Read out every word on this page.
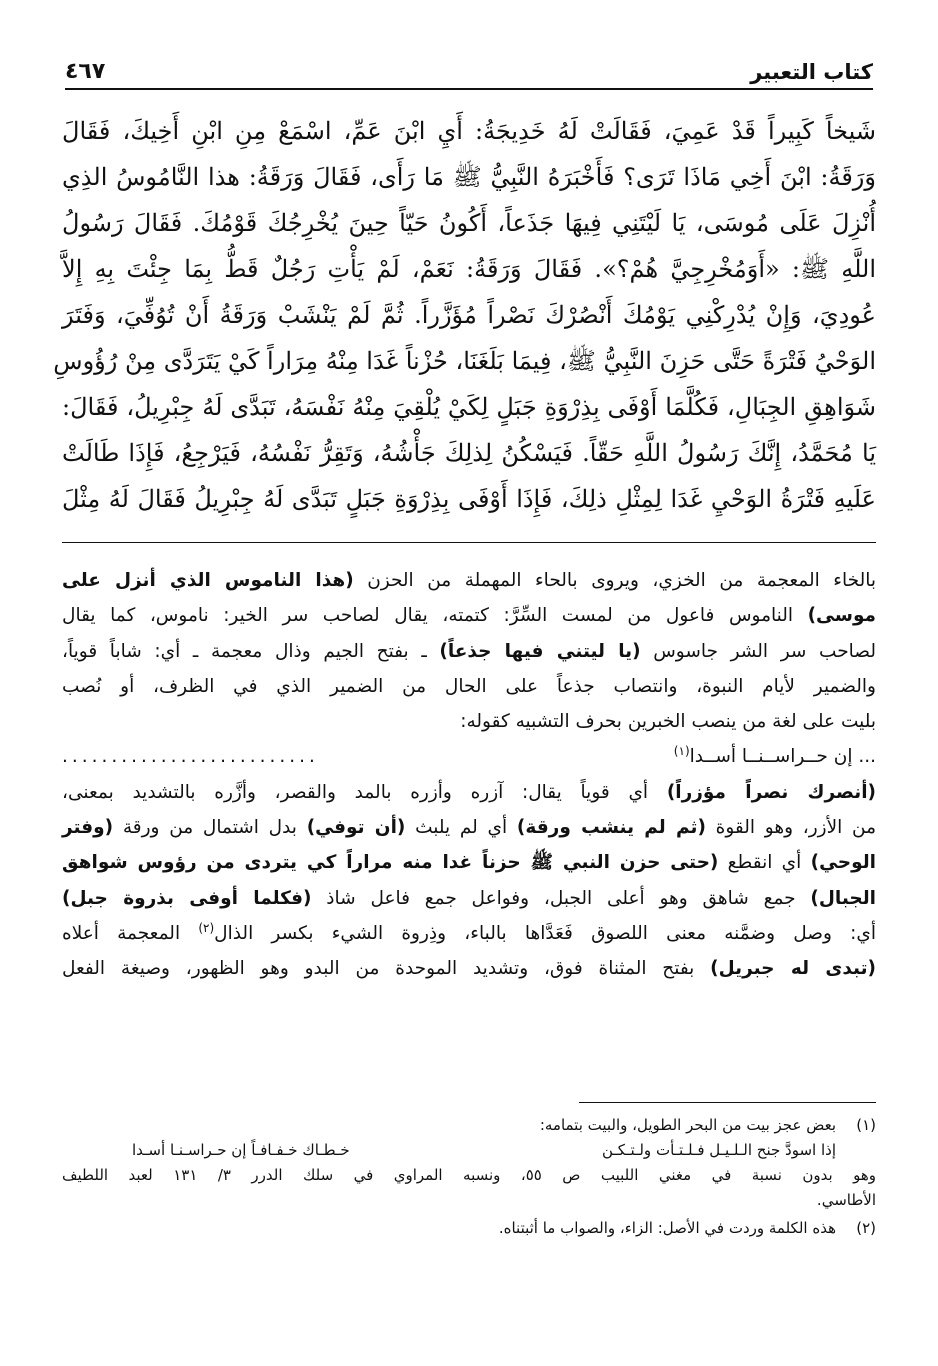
كتاب التعبير
٤٦٧
شَيخاً كَبِيراً قَدْ عَمِيَ، فَقَالَتْ لَهُ خَدِيجَةُ: أَيِ ابْنَ عَمِّ، اسْمَعْ مِنِ ابْنِ أَخِيكَ، فَقَالَ
وَرَقَةُ: ابْنَ أَخِي مَاذَا تَرَى؟ فَأَخْبَرَهُ النَّبِيُّ ﷺ مَا رَأَى، فَقَالَ وَرَقَةُ: هذا النَّامُوسُ الذِي
أُنْزِلَ عَلَى مُوسَى، يَا لَيْتَنِي فِيهَا جَذَعاً، أَكُونُ حَيّاً حِينَ يُخْرِجُكَ قَوْمُكَ. فَقَالَ رَسُولُ
اللَّهِ ﷺ: «أَوَمُخْرِجِيَّ هُمْ؟». فَقَالَ وَرَقَةُ: نَعَمْ، لَمْ يَأْتِ رَجُلٌ قَطُّ بِمَا جِئْتَ بِهِ إِلاَّ
عُودِيَ، وَإِنْ يُدْرِكْنِي يَوْمُكَ أَنْصُرْكَ نَصْراً مُؤَزَّراً. ثُمَّ لَمْ يَنْشَبْ وَرَقَةُ أَنْ تُوُفِّيَ، وَفَتَرَ
الوَحْيُ فَتْرَةً حَتَّى حَزِنَ النَّبِيُّ ﷺ، فِيمَا بَلَغَنَا، حُزْناً غَدَا مِنْهُ مِرَاراً كَيْ يَتَرَدَّى مِنْ رُؤُوسِ
شَوَاهِقِ الجِبَالِ، فَكُلَّمَا أَوْفَى بِذِرْوَةِ جَبَلٍ لِكَيْ يُلْقِيَ مِنْهُ نَفْسَهُ، تَبَدَّى لَهُ جِبْرِيلُ، فَقَالَ:
يَا مُحَمَّدُ، إِنَّكَ رَسُولُ اللَّهِ حَقّاً. فَيَسْكُنُ لِذلِكَ جَأْشُهُ، وَتَقِرُّ نَفْسُهُ، فَيَرْجِعُ، فَإِذَا طَالَتْ
عَلَيهِ فَتْرَةُ الوَحْيِ غَدَا لِمِثْلِ ذلِكَ، فَإِذَا أَوْفَى بِذِرْوَةِ جَبَلٍ تَبَدَّى لَهُ جِبْرِيلُ فَقَالَ لَهُ مِثْلَ
بالخاء المعجمة من الخزي، ويروى بالحاء المهملة من الحزن (هذا الناموس الذي أنزل على
موسى) الناموس فاعول من لمست السِّرَّ: كتمته، يقال لصاحب سر الخير: ناموس، كما يقال
لصاحب سر الشر جاسوس (يا ليتني فيها جذعاً) ـ بفتح الجيم وذال معجمة ـ أي: شاباً قوياً،
والضمير لأيام النبوة، وانتصاب جذعاً على الحال من الضمير الذي في الظرف، أو نُصب
بليت على لغة من ينصب الخبرين بحرف التشبيه كقوله:
... إن حــراســنــا أســدا$^{(١)}$
..........................
(أنصرك نصراً مؤزراً) أي قوياً يقال: آزره وأزره بالمد والقصر، وأزَّره بالتشديد بمعنى،
من الأزر، وهو القوة (ثم لم ينشب ورقة) أي لم يلبث (أن توفي) بدل اشتمال من ورقة (وفتر
الوحي) أي انقطع (حتى حزن النبي ﷺ حزناً غدا منه مراراً كي يتردى من رؤوس شواهق
الجبال) جمع شاهق وهو أعلى الجبل، وفواعل جمع فاعل شاذ (فكلما أوفى بذروة جبل)
أي: وصل وضمَّنه معنى اللصوق فَعَدَّاها بالباء، وذِروة الشيء بكسر الذال$^{(٢)}$ المعجمة أعلاه
(تبدى له جبريل) بفتح المثناة فوق، وتشديد الموحدة من البدو وهو الظهور، وصيغة الفعل
(١)
بعض عجز بيت من البحر الطويل، والبيت بتمامه:
إذا اسودَّ جنح الـلـيـل فـلـتـأت ولـتـكـن
خـطـاك خـفـافـاً إن حـراسـنـا أسـدا
وهو بدون نسبة في مغني اللبيب ص ٥٥، ونسبه المراوي في سلك الدرر ٣/ ١٣١ لعبد اللطيف
الأطاسي.
(٢)
هذه الكلمة وردت في الأصل: الزاء، والصواب ما أثبتناه.
